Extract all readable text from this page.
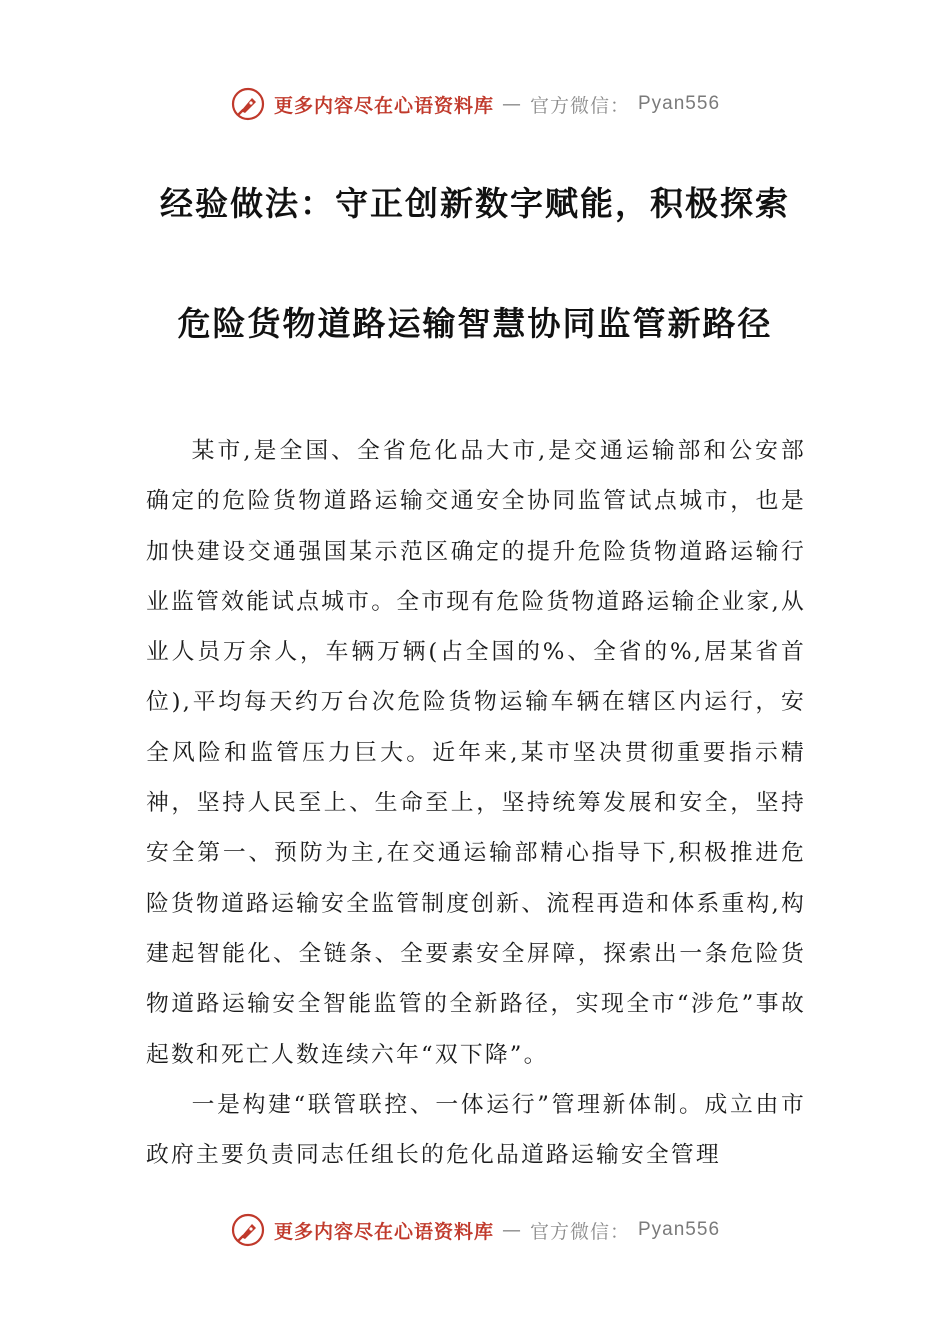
更多内容尽在心语资料库 — 官方微信： Pyan556
经验做法：守正创新数字赋能，积极探索
危险货物道路运输智慧协同监管新路径

某市,是全国、全省危化品大市,是交通运输部和公安部确定的危险货物道路运输交通安全协同监管试点城市，也是加快建设交通强国某示范区确定的提升危险货物道路运输行业监管效能试点城市。全市现有危险货物道路运输企业家,从业人员万余人，车辆万辆(占全国的%、全省的%,居某省首位),平均每天约万台次危险货物运输车辆在辖区内运行，安全风险和监管压力巨大。近年来,某市坚决贯彻重要指示精神，坚持人民至上、生命至上，坚持统筹发展和安全，坚持安全第一、预防为主,在交通运输部精心指导下,积极推进危险货物道路运输安全监管制度创新、流程再造和体系重构,构建起智能化、全链条、全要素安全屏障，探索出一条危险货物道路运输安全智能监管的全新路径，实现全市“涉危”事故起数和死亡人数连续六年“双下降”。

一是构建“联管联控、一体运行”管理新体制。成立由市政府主要负责同志任组长的危化品道路运输安全管理

更多内容尽在心语资料库 — 官方微信： Pyan556
